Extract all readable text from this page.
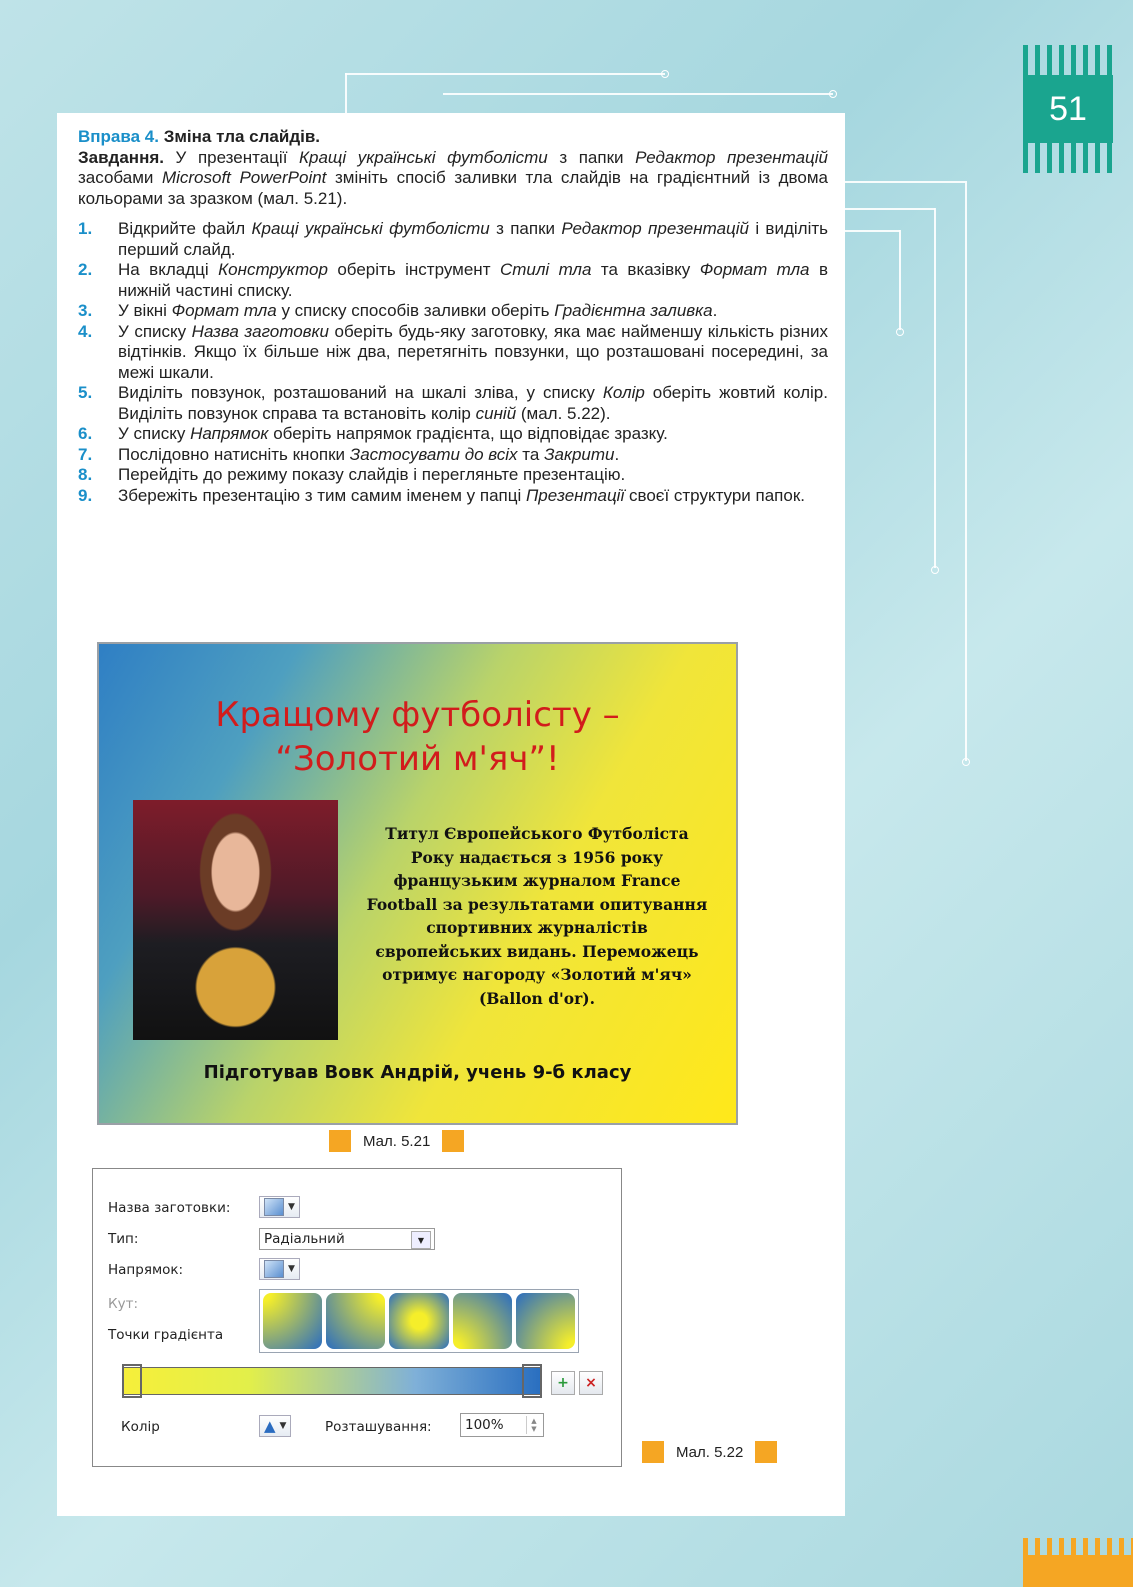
51
Вправа 4. Зміна тла слайдів.
Завдання. У презентації Кращі українські футболісти з папки Редактор презентацій засобами Microsoft PowerPoint змініть спосіб заливки тла слайдів на градієнтний із двома кольорами за зразком (мал. 5.21).
1. Відкрийте файл Кращі українські футболісти з папки Редактор презентацій і виділіть перший слайд.
2. На вкладці Конструктор оберіть інструмент Стилі тла та вказівку Формат тла в нижній частині списку.
3. У вікні Формат тла у списку способів заливки оберіть Градієнтна заливка.
4. У списку Назва заготовки оберіть будь-яку заготовку, яка має найменшу кількість різних відтінків. Якщо їх більше ніж два, перетягніть повзунки, що розташовані посередині, за межі шкали.
5. Виділіть повзунок, розташований на шкалі зліва, у списку Колір оберіть жовтий колір. Виділіть повзунок справа та встановіть колір синій (мал. 5.22).
6. У списку Напрямок оберіть напрямок градієнта, що відповідає зразку.
7. Послідовно натисніть кнопки Застосувати до всіх та Закрити.
8. Перейдіть до режиму показу слайдів і перегляньте презентацію.
9. Збережіть презентацію з тим самим іменем у папці Презентації своєї структури папок.
Кращому футболісту –
“Золотий м'яч”!
Титул Європейського Футболіста
Року надається з 1956 року
французьким журналом France
Football за результатами опитування
спортивних журналістів
європейських видань. Переможець
отримує нагороду «Золотий м'яч»
(Ballon d'or).
Підготував Вовк Андрій, учень 9-б класу
Мал. 5.21
Назва заготовки:	▼
Тип:	Радіальний	▼
Напрямок:	▼
Кут:
Точки градієнта
+	×
Колір	▲ ▼	Розташування: 100%	▲
▼
Мал. 5.22
